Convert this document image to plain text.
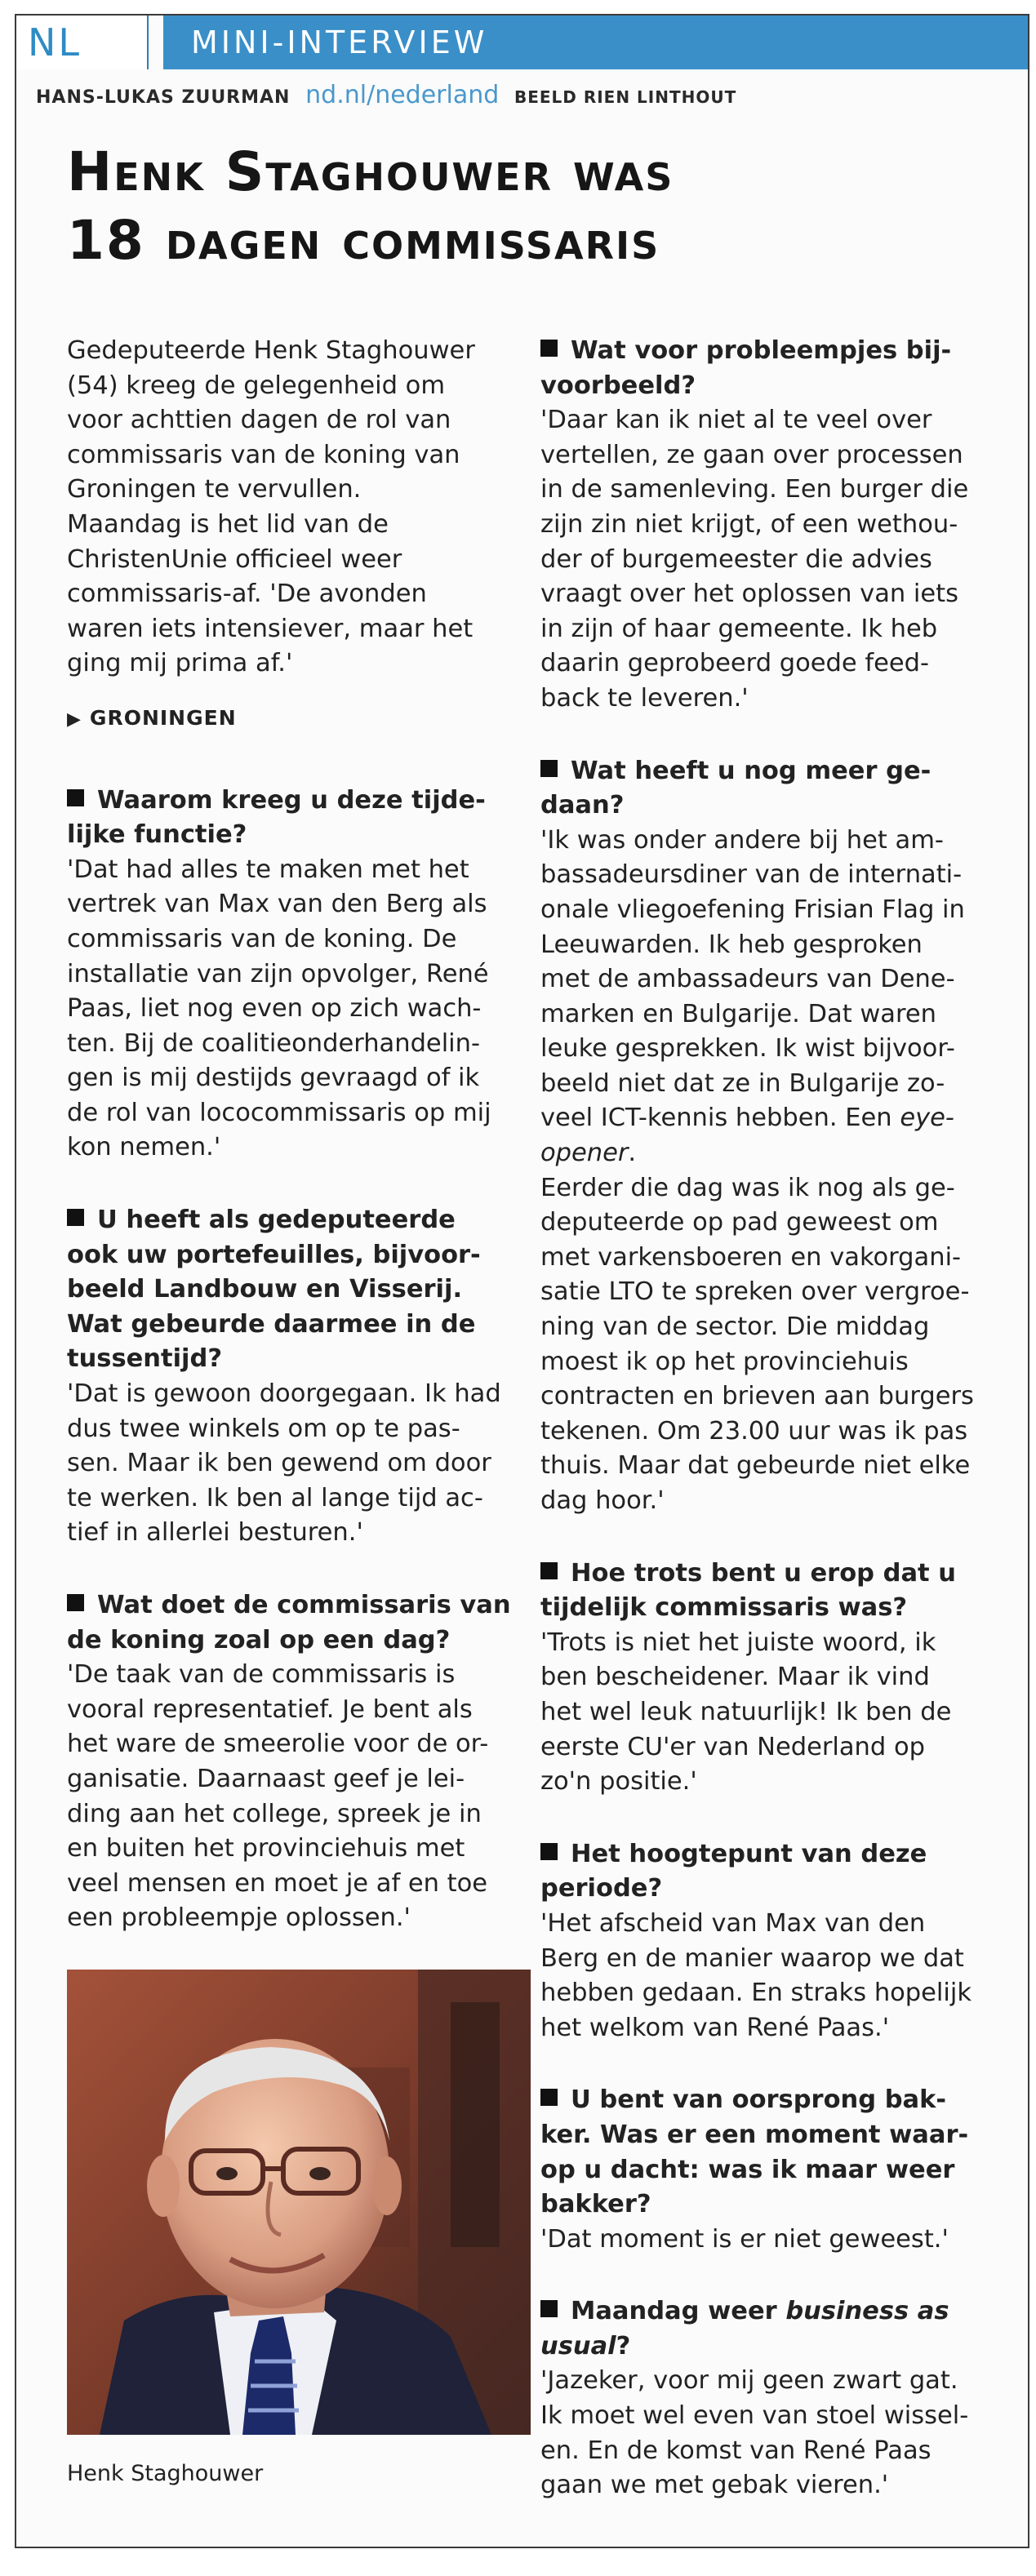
NL	MINI-INTERVIEW
HANS-LUKAS ZUURMAN nd.nl/nederland BEELD RIEN LINTHOUT

Henk Staghouwer was
18 dagen commissaris

Gedeputeerde Henk Staghouwer
(54) kreeg de gelegenheid om
voor achttien dagen de rol van
commissaris van de koning van
Groningen te vervullen.
Maandag is het lid van de
ChristenUnie officieel weer
commissaris-af. 'De avonden
waren iets intensiever, maar het
ging mij prima af.'

▶ GRONINGEN

Waarom kreeg u deze tijde-
lijke functie?

'Dat had alles te maken met het
vertrek van Max van den Berg als
commissaris van de koning. De
installatie van zijn opvolger, René
Paas, liet nog even op zich wach-
ten. Bij de coalitieonderhandelin-
gen is mij destijds gevraagd of ik
de rol van lococommissaris op mij
kon nemen.'

U heeft als gedeputeerde
ook uw portefeuilles, bijvoor-
beeld Landbouw en Visserij.
Wat gebeurde daarmee in de
tussentijd?

'Dat is gewoon doorgegaan. Ik had
dus twee winkels om op te pas-
sen. Maar ik ben gewend om door
te werken. Ik ben al lange tijd ac-
tief in allerlei besturen.'

Wat doet de commissaris van
de koning zoal op een dag?

'De taak van de commissaris is
vooral representatief. Je bent als
het ware de smeerolie voor de or-
ganisatie. Daarnaast geef je lei-
ding aan het college, spreek je in
en buiten het provinciehuis met
veel mensen en moet je af en toe
een probleempje oplossen.'

Henk Staghouwer

Wat voor probleempjes bij-
voorbeeld?

'Daar kan ik niet al te veel over
vertellen, ze gaan over processen
in de samenleving. Een burger die
zijn zin niet krijgt, of een wethou-
der of burgemeester die advies
vraagt over het oplossen van iets
in zijn of haar gemeente. Ik heb
daarin geprobeerd goede feed-
back te leveren.'

Wat heeft u nog meer ge-
daan?

'Ik was onder andere bij het am-
bassadeursdiner van de internati-
onale vliegoefening Frisian Flag in
Leeuwarden. Ik heb gesproken
met de ambassadeurs van Dene-
marken en Bulgarije. Dat waren
leuke gesprekken. Ik wist bijvoor-
beeld niet dat ze in Bulgarije zo-
veel ICT-kennis hebben. Een eye-
opener.

Eerder die dag was ik nog als ge-
deputeerde op pad geweest om
met varkensboeren en vakorgani-
satie LTO te spreken over vergroe-
ning van de sector. Die middag
moest ik op het provinciehuis
contracten en brieven aan burgers
tekenen. Om 23.00 uur was ik pas
thuis. Maar dat gebeurde niet elke
dag hoor.'

Hoe trots bent u erop dat u
tijdelijk commissaris was?

'Trots is niet het juiste woord, ik
ben bescheidener. Maar ik vind
het wel leuk natuurlijk! Ik ben de
eerste CU'er van Nederland op
zo'n positie.'

Het hoogtepunt van deze
periode?

'Het afscheid van Max van den
Berg en de manier waarop we dat
hebben gedaan. En straks hopelijk
het welkom van René Paas.'

U bent van oorsprong bak-
ker. Was er een moment waar-
op u dacht: was ik maar weer
bakker?

'Dat moment is er niet geweest.'

Maandag weer business as
usual?

'Jazeker, voor mij geen zwart gat.
Ik moet wel even van stoel wissel-
en. En de komst van René Paas
gaan we met gebak vieren.'
